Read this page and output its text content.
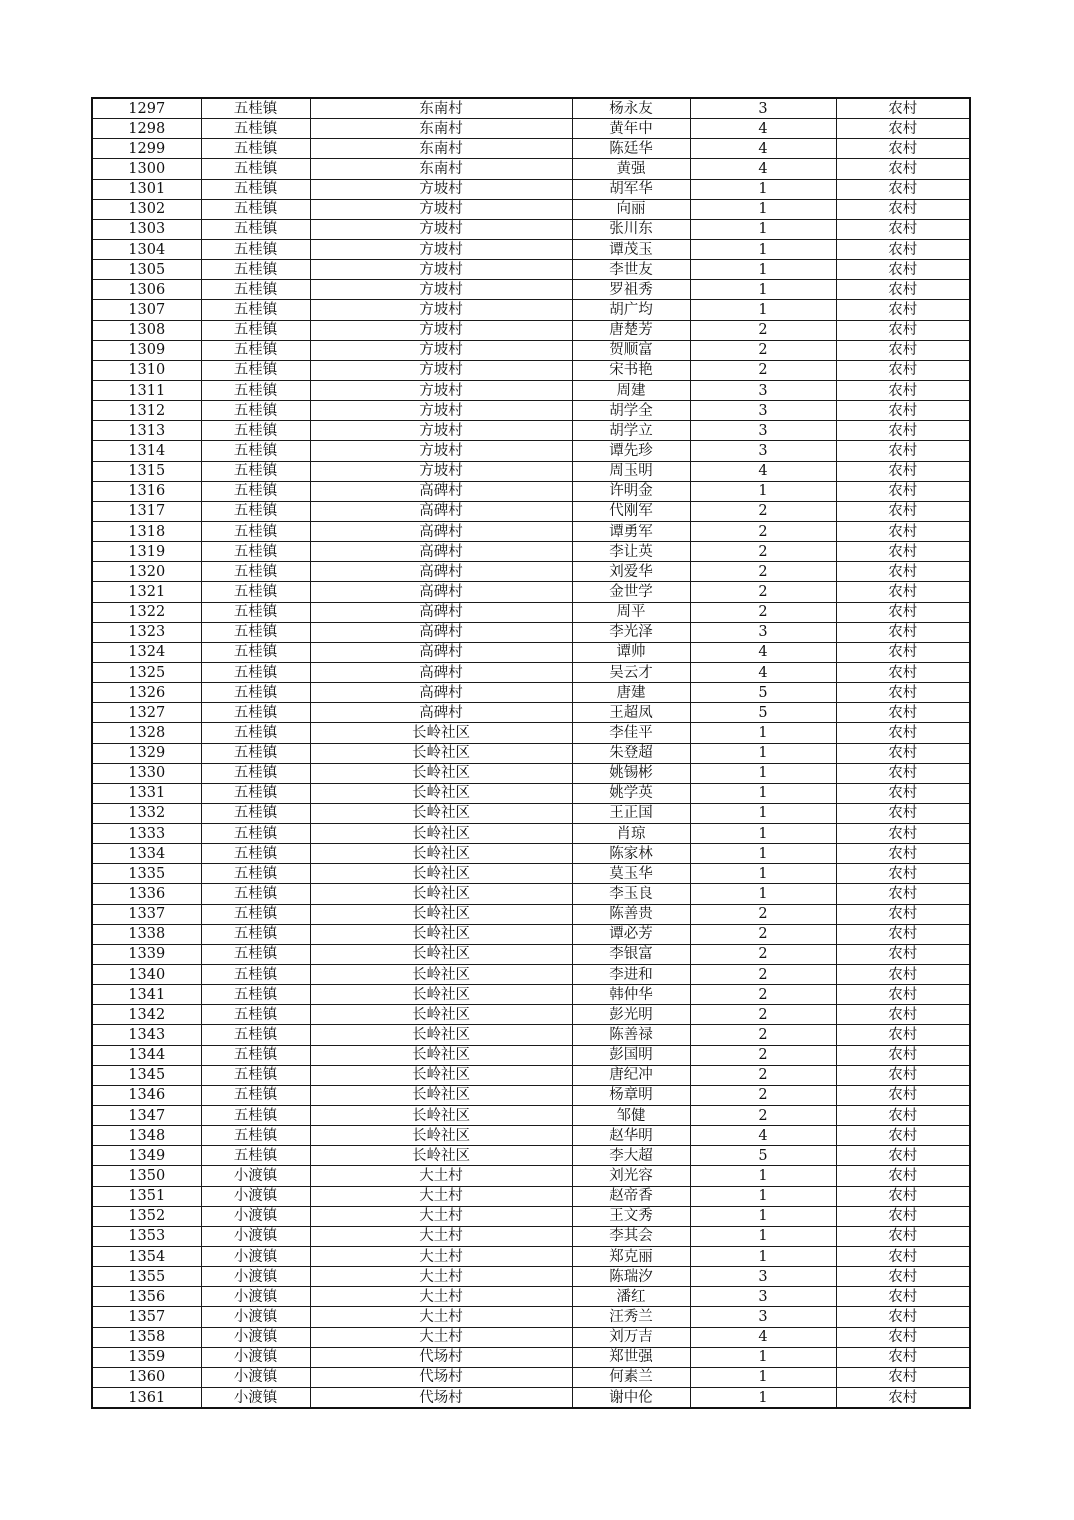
1297	五桂镇	东南村	杨永友	3	农村
1298	五桂镇	东南村	黄年中	4	农村
1299	五桂镇	东南村	陈廷华	4	农村
1300	五桂镇	东南村	黄强	4	农村
1301	五桂镇	方坡村	胡军华	1	农村
1302	五桂镇	方坡村	向丽	1	农村
1303	五桂镇	方坡村	张川东	1	农村
1304	五桂镇	方坡村	谭茂玉	1	农村
1305	五桂镇	方坡村	李世友	1	农村
1306	五桂镇	方坡村	罗祖秀	1	农村
1307	五桂镇	方坡村	胡广均	1	农村
1308	五桂镇	方坡村	唐楚芳	2	农村
1309	五桂镇	方坡村	贺顺富	2	农村
1310	五桂镇	方坡村	宋书艳	2	农村
1311	五桂镇	方坡村	周建	3	农村
1312	五桂镇	方坡村	胡学全	3	农村
1313	五桂镇	方坡村	胡学立	3	农村
1314	五桂镇	方坡村	谭先珍	3	农村
1315	五桂镇	方坡村	周玉明	4	农村
1316	五桂镇	高碑村	许明金	1	农村
1317	五桂镇	高碑村	代刚军	2	农村
1318	五桂镇	高碑村	谭勇军	2	农村
1319	五桂镇	高碑村	李让英	2	农村
1320	五桂镇	高碑村	刘爱华	2	农村
1321	五桂镇	高碑村	金世学	2	农村
1322	五桂镇	高碑村	周平	2	农村
1323	五桂镇	高碑村	李光泽	3	农村
1324	五桂镇	高碑村	谭帅	4	农村
1325	五桂镇	高碑村	吴云才	4	农村
1326	五桂镇	高碑村	唐建	5	农村
1327	五桂镇	高碑村	王超凤	5	农村
1328	五桂镇	长岭社区	李佳平	1	农村
1329	五桂镇	长岭社区	朱登超	1	农村
1330	五桂镇	长岭社区	姚锡彬	1	农村
1331	五桂镇	长岭社区	姚学英	1	农村
1332	五桂镇	长岭社区	王正国	1	农村
1333	五桂镇	长岭社区	肖琼	1	农村
1334	五桂镇	长岭社区	陈家林	1	农村
1335	五桂镇	长岭社区	莫玉华	1	农村
1336	五桂镇	长岭社区	李玉良	1	农村
1337	五桂镇	长岭社区	陈善贵	2	农村
1338	五桂镇	长岭社区	谭必芳	2	农村
1339	五桂镇	长岭社区	李银富	2	农村
1340	五桂镇	长岭社区	李进和	2	农村
1341	五桂镇	长岭社区	韩仲华	2	农村
1342	五桂镇	长岭社区	彭光明	2	农村
1343	五桂镇	长岭社区	陈善禄	2	农村
1344	五桂镇	长岭社区	彭国明	2	农村
1345	五桂镇	长岭社区	唐纪冲	2	农村
1346	五桂镇	长岭社区	杨章明	2	农村
1347	五桂镇	长岭社区	邹健	2	农村
1348	五桂镇	长岭社区	赵华明	4	农村
1349	五桂镇	长岭社区	李大超	5	农村
1350	小渡镇	大土村	刘光容	1	农村
1351	小渡镇	大土村	赵帝香	1	农村
1352	小渡镇	大土村	王文秀	1	农村
1353	小渡镇	大土村	李其会	1	农村
1354	小渡镇	大土村	郑克丽	1	农村
1355	小渡镇	大土村	陈瑞汐	3	农村
1356	小渡镇	大土村	潘红	3	农村
1357	小渡镇	大土村	汪秀兰	3	农村
1358	小渡镇	大土村	刘万吉	4	农村
1359	小渡镇	代场村	郑世强	1	农村
1360	小渡镇	代场村	何素兰	1	农村
1361	小渡镇	代场村	谢中伦	1	农村
